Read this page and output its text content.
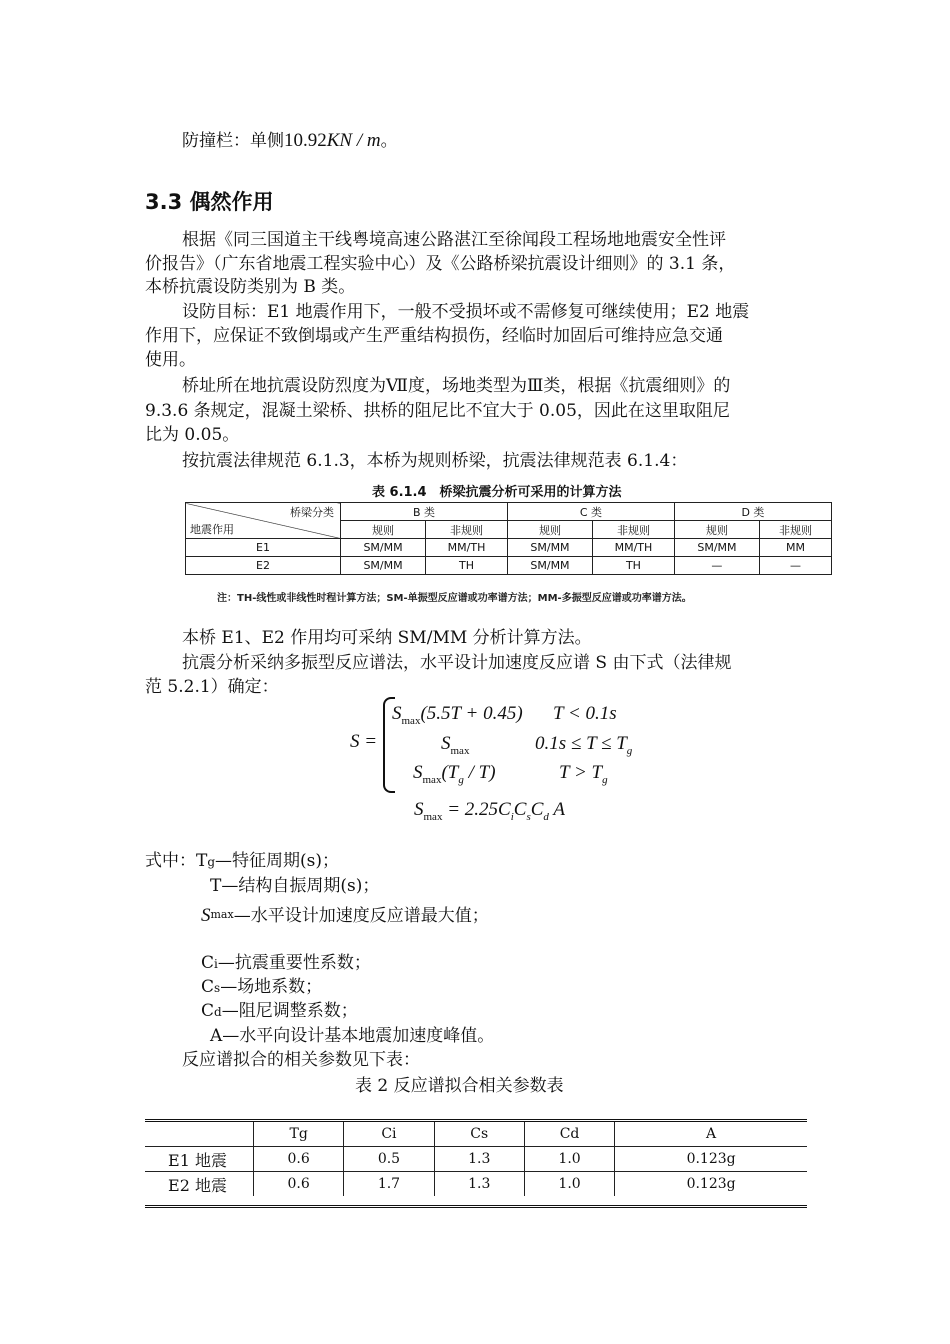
防撞栏：单侧10.92KN / m。
3.3 偶然作用
根据《同三国道主干线粤境高速公路湛江至徐闻段工程场地地震安全性评
价报告》（广东省地震工程实验中心）及《公路桥梁抗震设计细则》的 3.1 条，
本桥抗震设防类别为 B 类。
设防目标：E1 地震作用下，一般不受损坏或不需修复可继续使用；E2 地震
作用下，应保证不致倒塌或产生严重结构损伤，经临时加固后可维持应急交通
使用。
桥址所在地抗震设防烈度为Ⅶ度，场地类型为Ⅲ类，根据《抗震细则》的
9.3.6 条规定，混凝土梁桥、拱桥的阻尼比不宜大于 0.05，因此在这里取阻尼
比为 0.05。
按抗震法律规范 6.1.3，本桥为规则桥梁，抗震法律规范表 6.1.4：
表 6.1.4　桥梁抗震分析可采用的计算方法
桥梁分类
地震作用	B 类		C 类		D 类	
	规则	非规则	规则	非规则	规则	非规则
E1	SM/MM	MM/TH	SM/MM	MM/TH	SM/MM	MM
E2	SM/MM	TH	SM/MM	TH	—	—
注：TH-线性或非线性时程计算方法；SM-单振型反应谱或功率谱方法；MM-多振型反应谱或功率谱方法。
本桥 E1、E2 作用均可采纳 SM/MM 分析计算方法。
抗震分析采纳多振型反应谱法，水平设计加速度反应谱 S 由下式（法律规
范 5.2.1）确定：
S =
$S_{max}(5.5T + 0.45) T < 0.1s$
$S_{max}$	$0.1s \le T \le T_g$
$S_{max}(T_g / T)$	$T > T_g$
$S_{max} = 2.25C_iC_sC_d$ A
式中：Tg—特征周期(s)；
T—结构自振周期(s)；
Smax—水平设计加速度反应谱最大值；
Ci—抗震重要性系数；
Cs—场地系数；
Cd—阻尼调整系数；
A—水平向设计基本地震加速度峰值。
反应谱拟合的相关参数见下表：
表 2 反应谱拟合相关参数表
	Tg	Ci	Cs	Cd	A
E1 地震	0.6	0.5	1.3	1.0	0.123g
E2 地震	0.6	1.7	1.3	1.0	0.123g
